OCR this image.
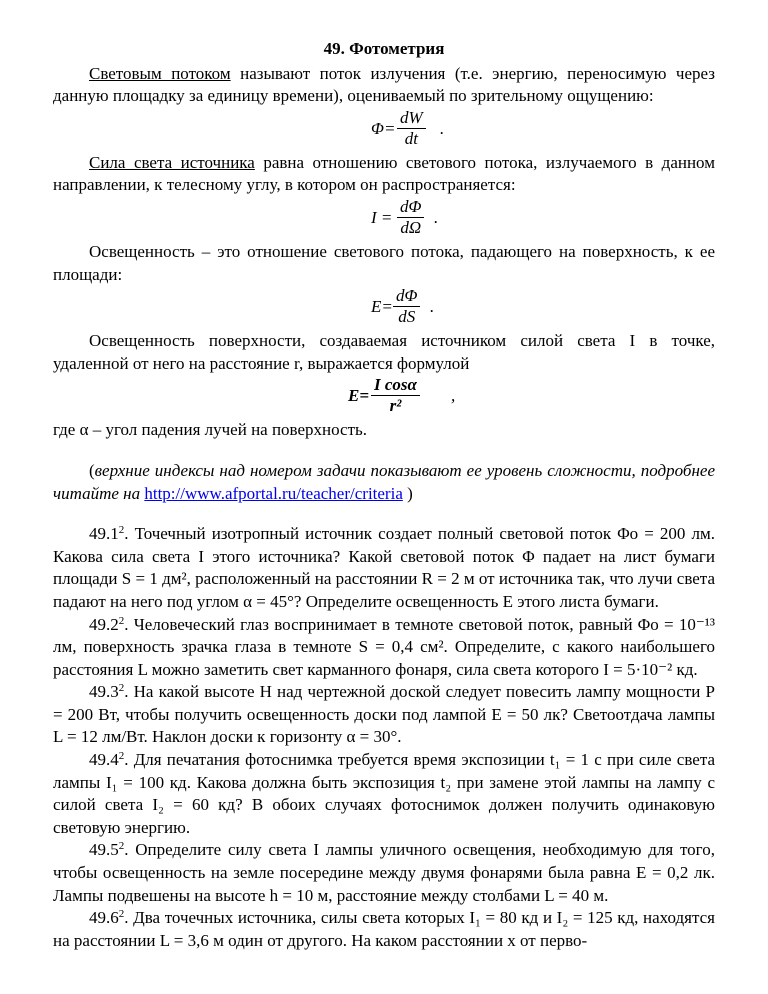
49. Фотометрия

Световым потоком называют поток излучения (т.е. энергию, переносимую через данную площадку за единицу времени), оцениваемый по зрительному ощущению:

$\Phi= \frac{dW}{dt}$ .

Сила света источника равна отношению светового потока, излучаемого в данном направлении, к телесному углу, в котором он распространяется:

$I = \frac{d\Phi}{d\Omega}$ .

Освещенность – это отношение светового потока, падающего на поверхность, к ее площади:

$E= \frac{d\Phi}{dS}$ .

Освещенность поверхности, создаваемая источником силой света I в точке, удаленной от него на расстояние r, выражается формулой

$E= \frac{\text{I cosα}}{\text{r²}}$ ,

где α – угол падения лучей на поверхность.

(верхние индексы над номером задачи показывают ее уровень сложности, подробнее читайте на http://www.afportal.ru/teacher/criteria )

49.1$^2$. Точечный изотропный источник создает полный световой поток Φо = 200 лм. Какова сила света I этого источника? Какой световой поток Φ падает на лист бумаги площади S = 1 дм², расположенный на расстоянии R = 2 м от источника так, что лучи света падают на него под углом α = 45°? Определите освещенность E этого листа бумаги.

49.2$^2$. Человеческий глаз воспринимает в темноте световой поток, равный Φо = 10⁻¹³ лм, поверхность зрачка глаза в темноте S = 0,4 см². Определите, с какого наибольшего расстояния L можно заметить свет карманного фонаря, сила света которого I = 5·10⁻² кд.

49.3$^2$. На какой высоте H над чертежной доской следует повесить лампу мощности P = 200 Вт, чтобы получить освещенность доски под лампой E = 50 лк? Светоотдача лампы L = 12 лм/Вт. Наклон доски к горизонту α = 30°.

49.4$^2$. Для печатания фотоснимка требуется время экспозиции t₁ = 1 с при силе света лампы I₁ = 100 кд. Какова должна быть экспозиция t₂ при замене этой лампы на лампу с силой света I₂ = 60 кд? В обоих случаях фотоснимок должен получить одинаковую световую энергию.

49.5$^2$. Определите силу света I лампы уличного освещения, необходимую для того, чтобы освещенность на земле посередине между двумя фонарями была равна E = 0,2 лк. Лампы подвешены на высоте h = 10 м, расстояние между столбами L = 40 м.

49.6$^2$. Два точечных источника, силы света которых I₁ = 80 кд и I₂ = 125 кд, находятся на расстоянии L = 3,6 м один от другого. На каком расстоянии x от перво-
